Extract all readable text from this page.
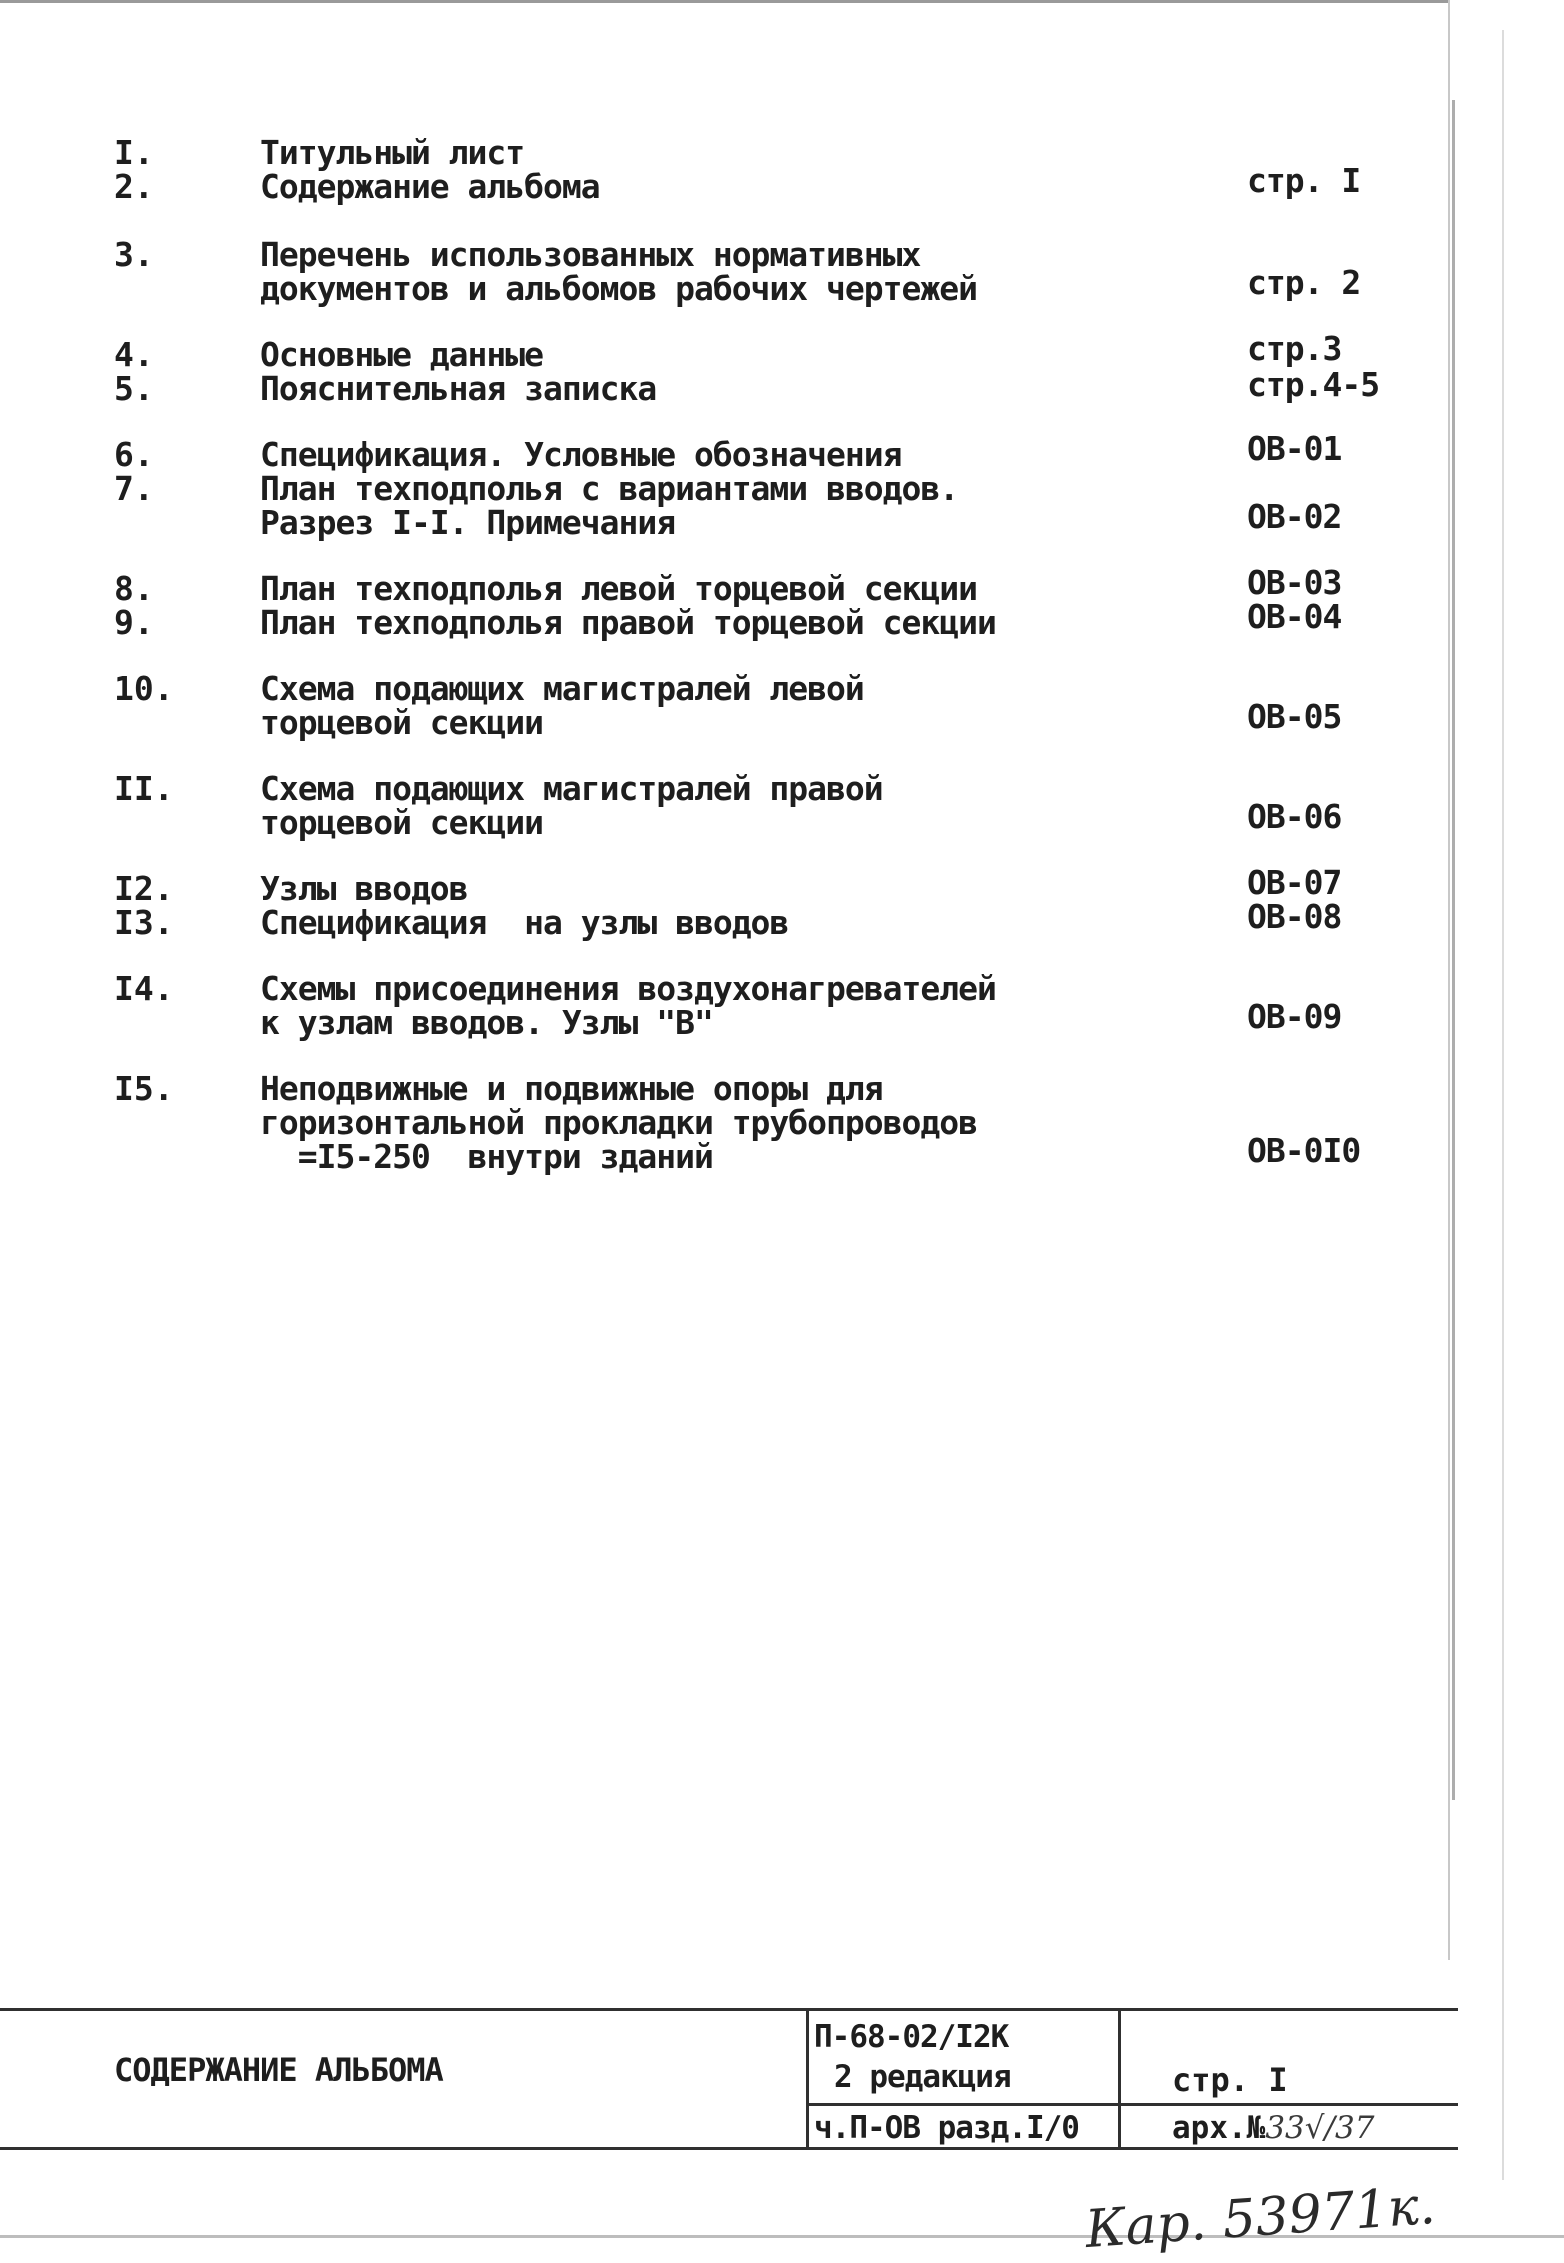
I.	Титульный лист
2.	Содержание альбома	стр. I
3.	Перечень использованных нормативных
документов и альбомов рабочих чертежей	стр. 2
4.	Основные данные	стр.3
5.	Пояснительная записка	стр.4-5
6.	Спецификация. Условные обозначения	ОВ-01
7.	План техподполья с вариантами вводов.
Разрез I-I. Примечания	ОВ-02
8.	План техподполья левой торцевой секции	ОВ-03
9.	План техподполья правой торцевой секции	ОВ-04
10.	Схема подающих магистралей левой
торцевой секции	ОВ-05
II.	Схема подающих магистралей правой
торцевой секции	ОВ-06
I2.	Узлы вводов	ОВ-07
I3.	Спецификация  на узлы вводов	ОВ-08
I4.	Схемы присоединения воздухонагревателей
к узлам вводов. Узлы "В"	ОВ-09
I5.	Неподвижные и подвижные опоры для
горизонтальной прокладки трубопроводов
=I5-250  внутри зданий	ОВ-0I0
СОДЕРЖАНИЕ АЛЬБОМА
П-68-02/I2К
2 редакция
ч.П-ОВ разд.I/0
стр. I
арх.№33√/37
Кар. 53971к.
